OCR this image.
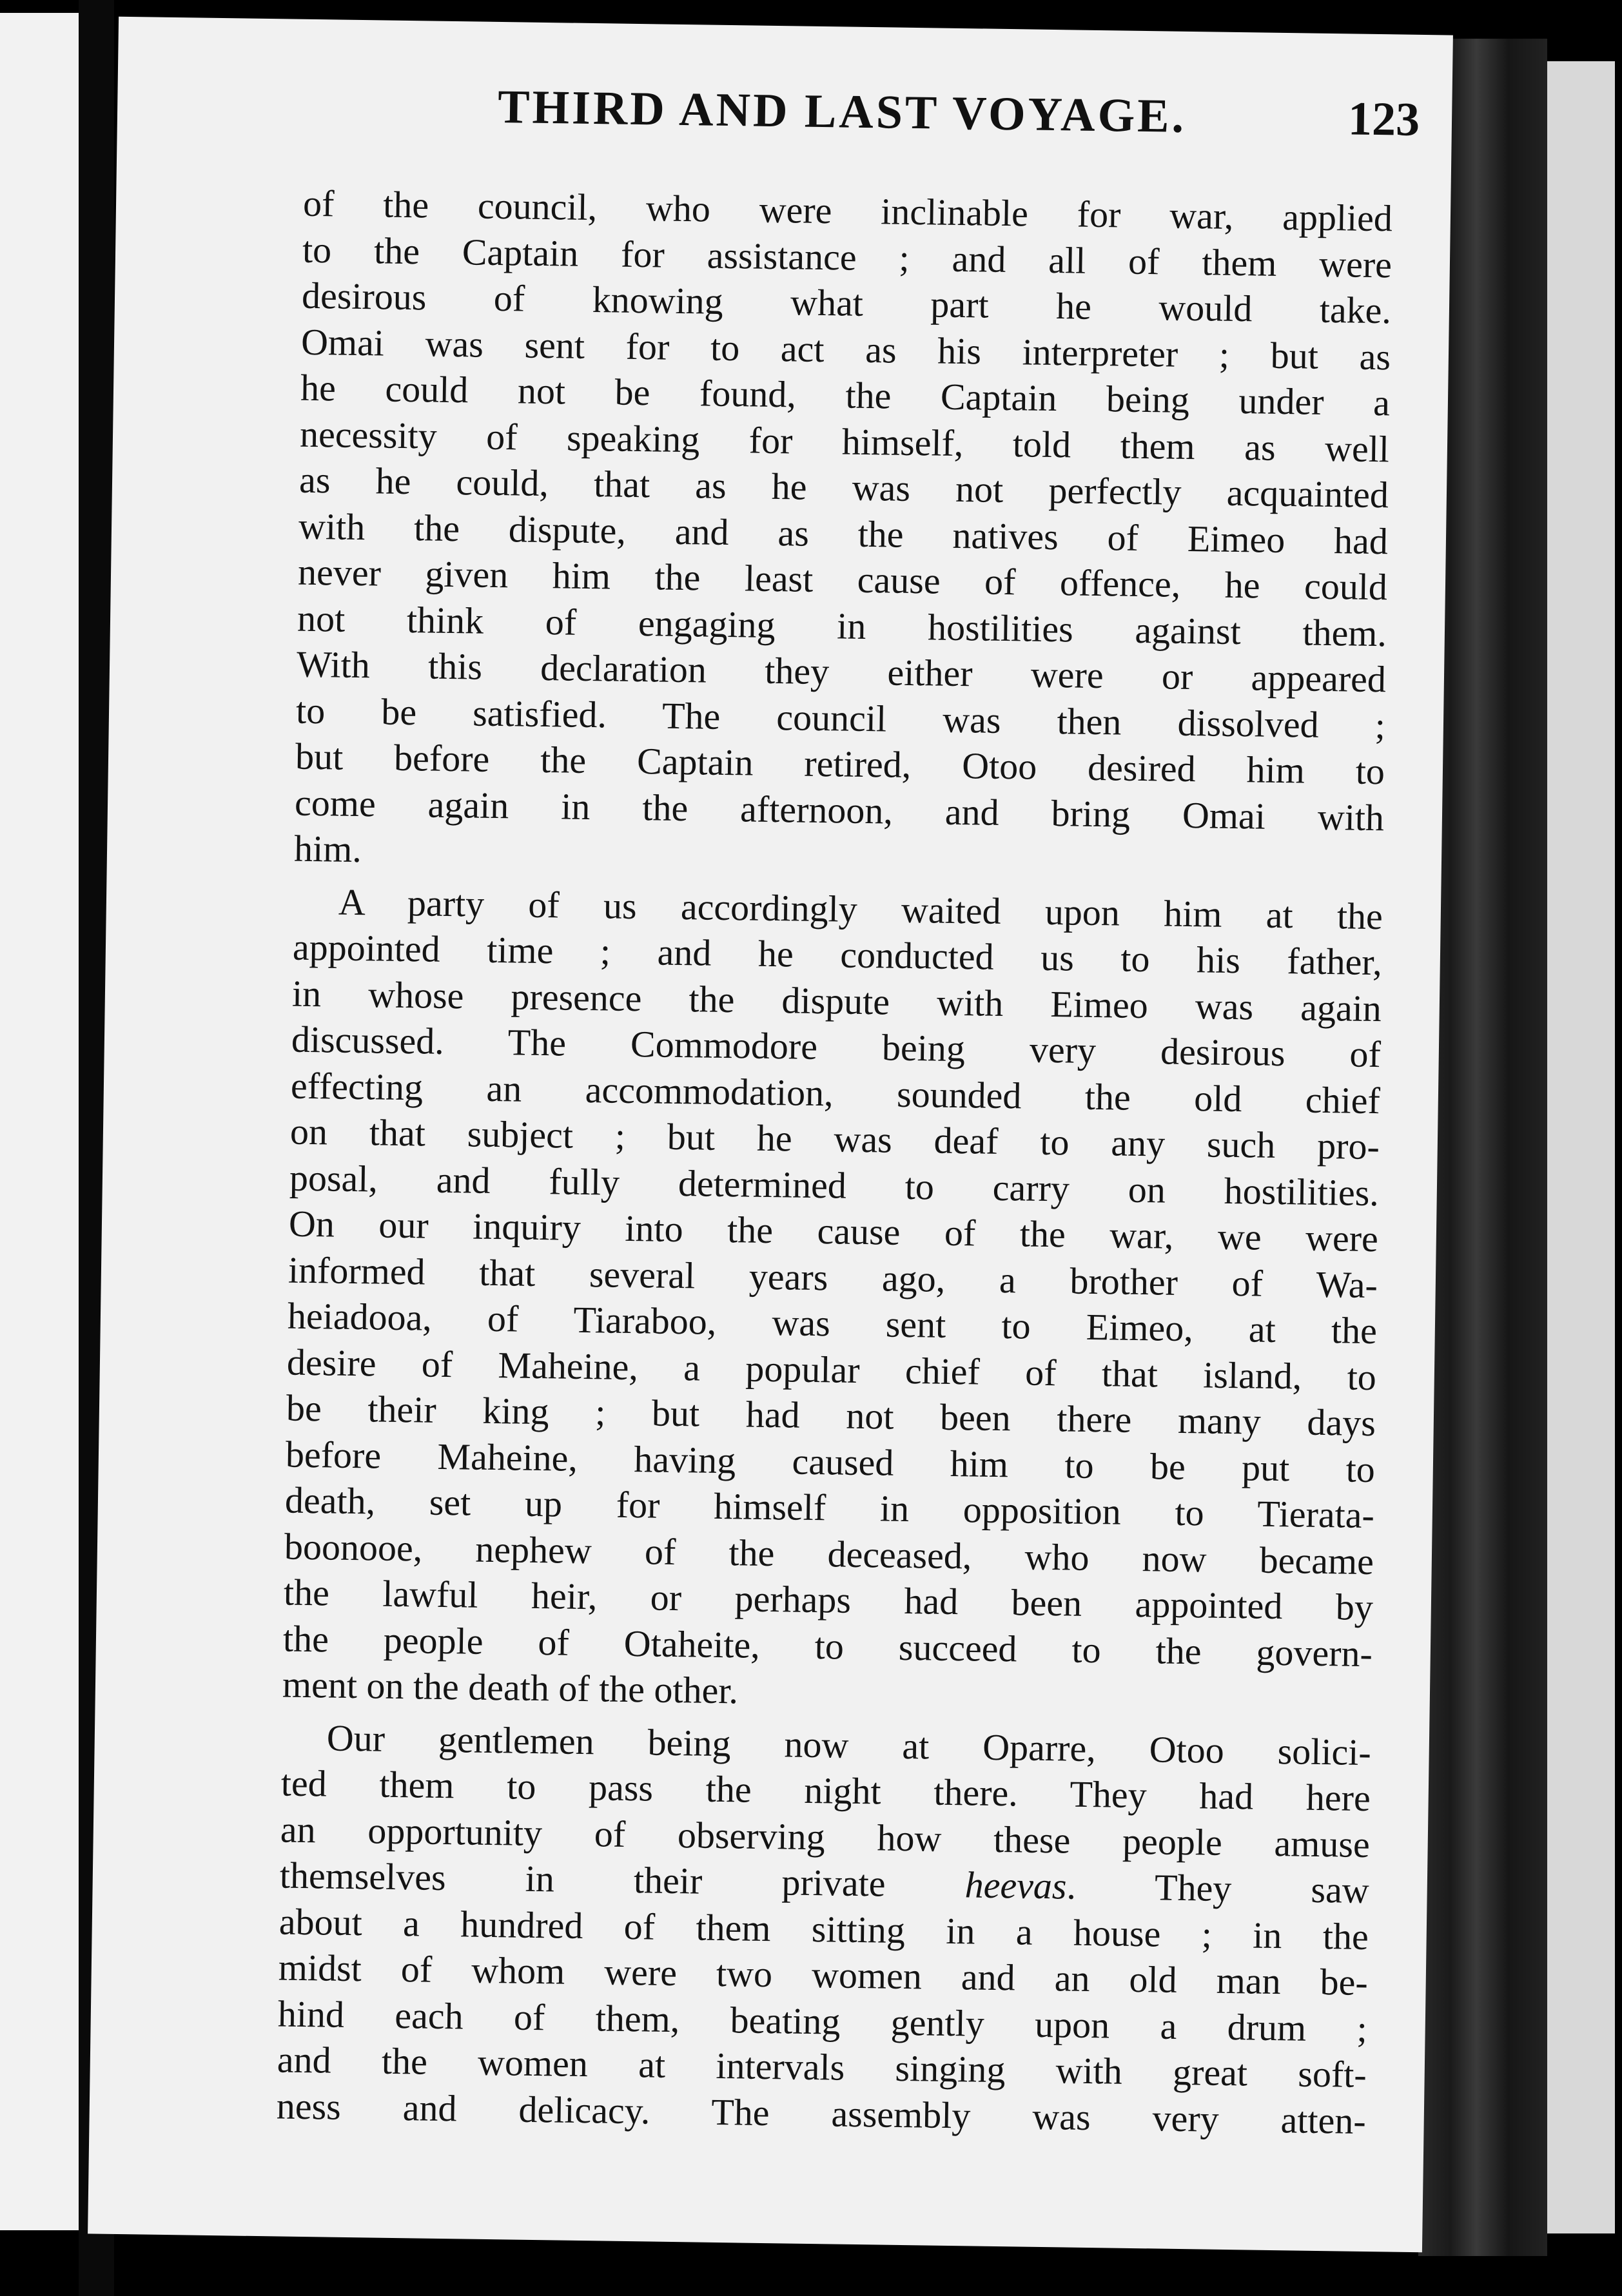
THIRD AND LAST VOYAGE.	123
of the council, who were inclinable for war, applied
to the Captain for assistance ; and all of them were
desirous of knowing what part he would take.
Omai was sent for to act as his interpreter ; but as
he could not be found, the Captain being under a
necessity of speaking for himself, told them as well
as he could, that as he was not perfectly acquainted
with the dispute, and as the natives of Eimeo had
never given him the least cause of offence, he could
not think of engaging in hostilities against them.
With this declaration they either were or appeared
to be satisfied. The council was then dissolved ;
but before the Captain retired, Otoo desired him to
come again in the afternoon, and bring Omai with
him.
A party of us accordingly waited upon him at the
appointed time ; and he conducted us to his father,
in whose presence the dispute with Eimeo was again
discussed. The Commodore being very desirous of
effecting an accommodation, sounded the old chief
on that subject ; but he was deaf to any such pro-
posal, and fully determined to carry on hostilities.
On our inquiry into the cause of the war, we were
informed that several years ago, a brother of Wa-
heiadooa, of Tiaraboo, was sent to Eimeo, at the
desire of Maheine, a popular chief of that island, to
be their king ; but had not been there many days
before Maheine, having caused him to be put to
death, set up for himself in opposition to Tierata-
boonooe, nephew of the deceased, who now became
the lawful heir, or perhaps had been appointed by
the people of Otaheite, to succeed to the govern-
ment on the death of the other.
Our gentlemen being now at Oparre, Otoo solici-
ted them to pass the night there. They had here
an opportunity of observing how these people amuse
themselves in their private heevas. They saw
about a hundred of them sitting in a house ; in the
midst of whom were two women and an old man be-
hind each of them, beating gently upon a drum ;
and the women at intervals singing with great soft-
ness and delicacy. The assembly was very atten-
